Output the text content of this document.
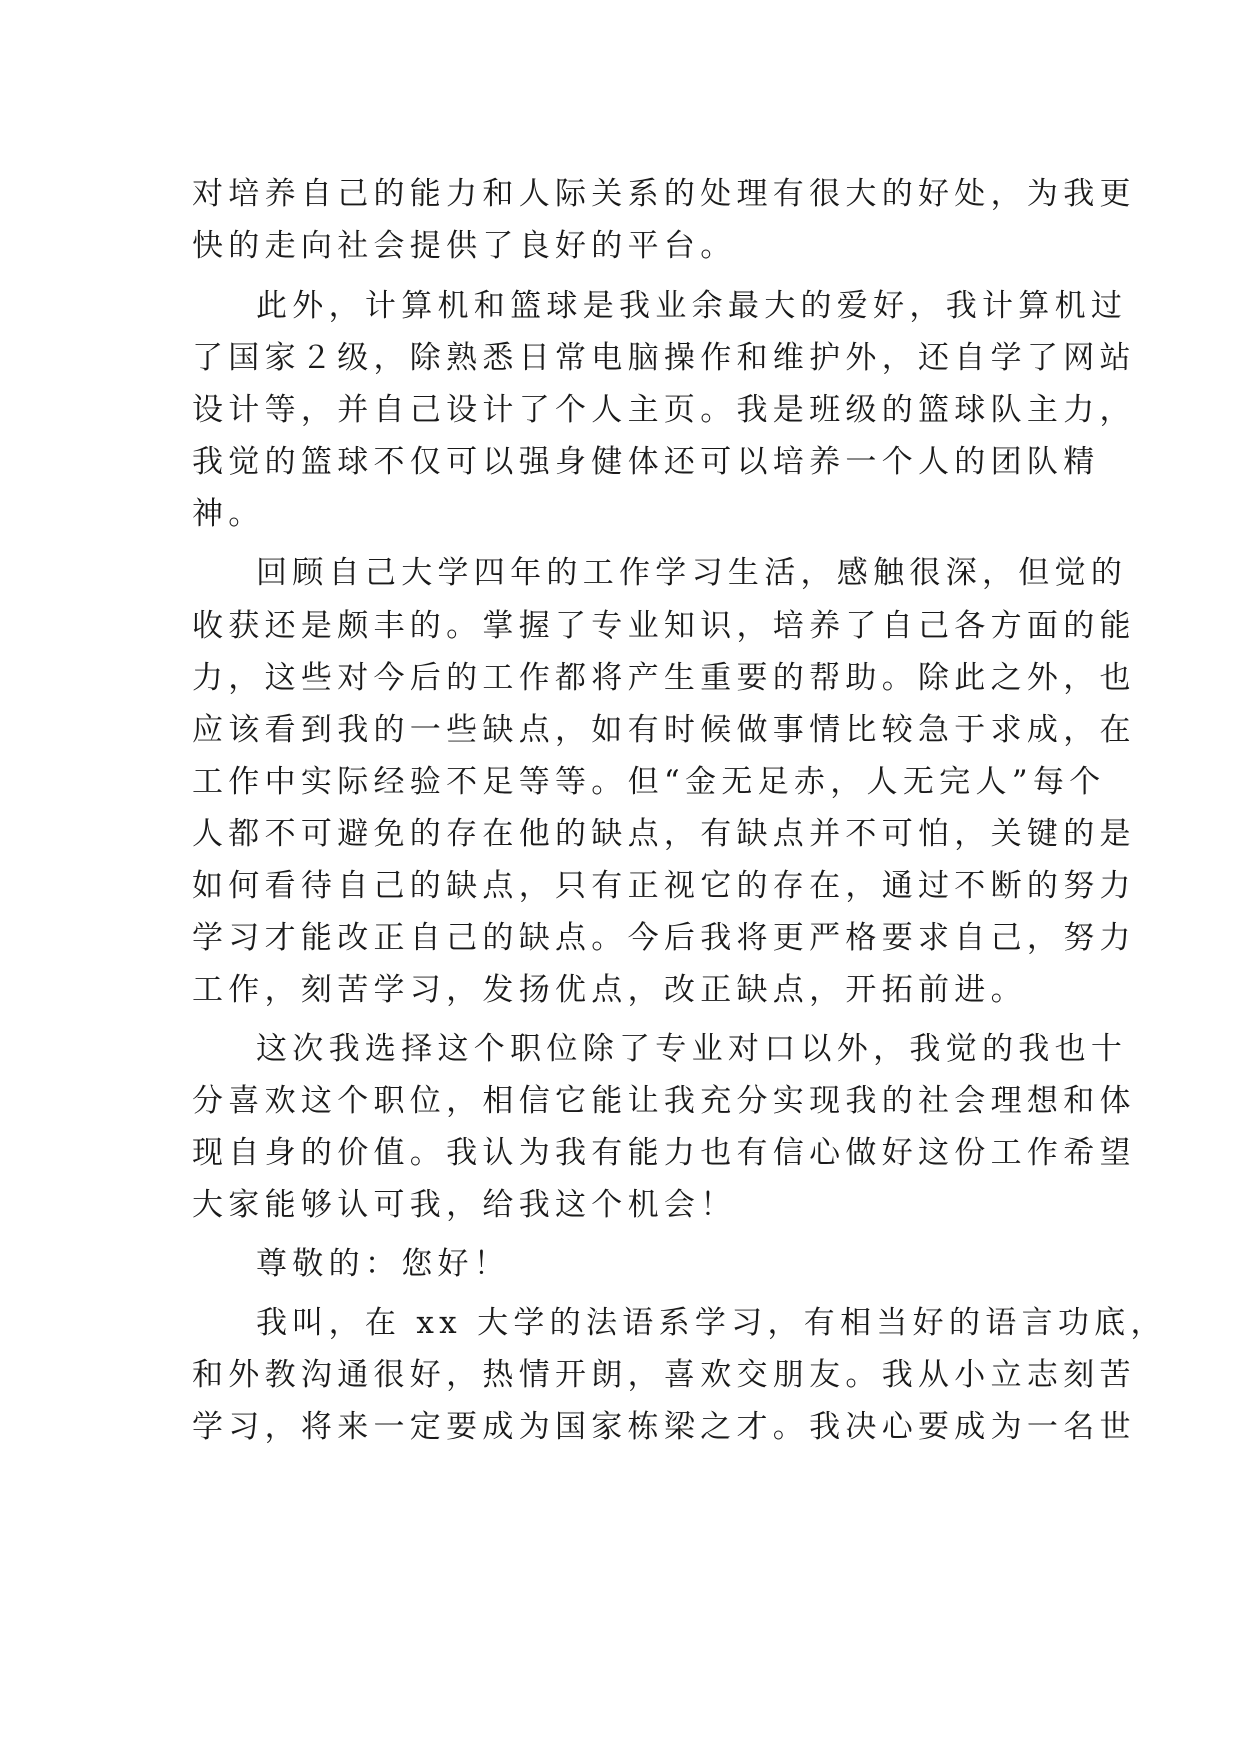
对培养自己的能力和人际关系的处理有很大的好处，为我更
快的走向社会提供了良好的平台。
此外，计算机和篮球是我业余最大的爱好，我计算机过
了国家２级，除熟悉日常电脑操作和维护外，还自学了网站
设计等，并自己设计了个人主页。我是班级的篮球队主力，
我觉的篮球不仅可以强身健体还可以培养一个人的团队精
神。
回顾自己大学四年的工作学习生活，感触很深，但觉的
收获还是颇丰的。掌握了专业知识，培养了自己各方面的能
力，这些对今后的工作都将产生重要的帮助。除此之外，也
应该看到我的一些缺点，如有时候做事情比较急于求成，在
工作中实际经验不足等等。但“金无足赤，人无完人”每个
人都不可避免的存在他的缺点，有缺点并不可怕，关键的是
如何看待自己的缺点，只有正视它的存在，通过不断的努力
学习才能改正自己的缺点。今后我将更严格要求自己，努力
工作，刻苦学习，发扬优点，改正缺点，开拓前进。
这次我选择这个职位除了专业对口以外，我觉的我也十
分喜欢这个职位，相信它能让我充分实现我的社会理想和体
现自身的价值。我认为我有能力也有信心做好这份工作希望
大家能够认可我，给我这个机会！
尊敬的：您好！
我叫，在 xx 大学的法语系学习，有相当好的语言功底，
和外教沟通很好，热情开朗，喜欢交朋友。我从小立志刻苦
学习，将来一定要成为国家栋梁之才。我决心要成为一名世
